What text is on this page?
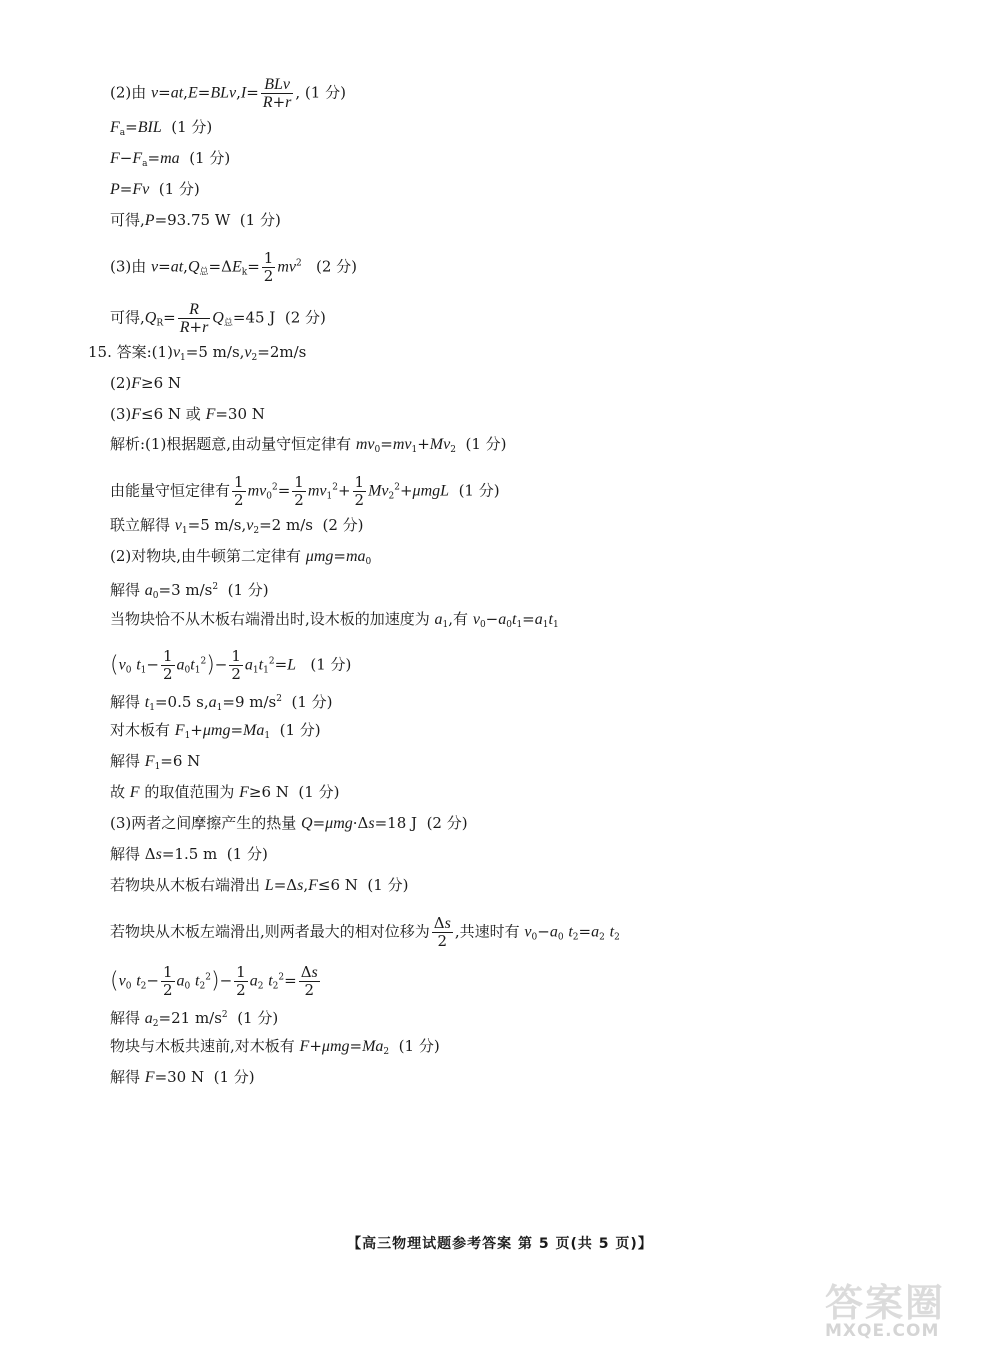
(2)由 v=at,E=BLv,I= BLv
R+r
, (1 分)
$F_a=BIL$  (1 分)
$F-F_a=ma$  (1 分)
P=Fv  (1 分)
可得,P=93.75 W  (1 分)
(3)由 $v=at,Q_总=\Delta E_k= \frac{1}{2} mv^2$   (2 分)
可得$,Q_R= \frac{R}{R+r} Q_总=45$ J  (2 分)
15. 答案$:(1)v_1=5$ $m/s,v_2=2m/s$
(2)F≥6 N
(3)F≤6 N 或 F=30 N
解析:(1)根据题意,由动量守恒定律有 $mv_0=mv_1+Mv_2$  (1 分)
由能量守恒定律有 $\frac{1}{2} mv_0^2= \frac{1}{2} mv_1^2+ \frac{1}{2} Mv_2^2+\mu mgL$  (1 分)
联立解得 $v_1=5$ $m/s,v_2=2$ m/s  (2 分)
(2)对物块,由牛顿第二定律有 $\mu mg=ma_0$
解得 $a_0=3$ $m/s^2$  (1 分)
当物块恰不从木板右端滑出时,设木板的加速度为 $a_1$,有 $v_0-a_0t_1=a_1t_1$
($v_0$ $t_1- \frac{1}{2} a_0t_1^2)- \frac{1}{2} a_1t_1^2=L$   (1 分)
解得 $t_1=0.5$ $s,a_1=9$ $m/s^2$  (1 分)
对木板有 $F_1+\mu mg=Ma_1$  (1 分)
解得 $F_1=6$ N
故 F 的取值范围为 F≥6 N  (1 分)
(3)两者之间摩擦产生的热量 Q=μmg·Δs=18 J  (2 分)
解得 Δs=1.5 m  (1 分)
若物块从木板右端滑出 L=Δs,F≤6 N  (1 分)
若物块从木板左端滑出,则两者最大的相对位移为 $\frac{\Delta s}{2}$ ,共速时有 $v_0-a_0$ $t_2=a_2$ $t_2$
($v_0$ $t_2- \frac{1}{2} a_0$ $t_2^2)- \frac{1}{2} a_2$ $t_2^2= \frac{\Delta s}{2}$
解得 $a_2=21$ $m/s^2$  (1 分)
物块与木板共速前,对木板有 $F+\mu mg=Ma_2$  (1 分)
解得 F=30 N  (1 分)
【高三物理试题参考答案 第 5 页(共 5 页)】
答案圈
MXQE.COM
